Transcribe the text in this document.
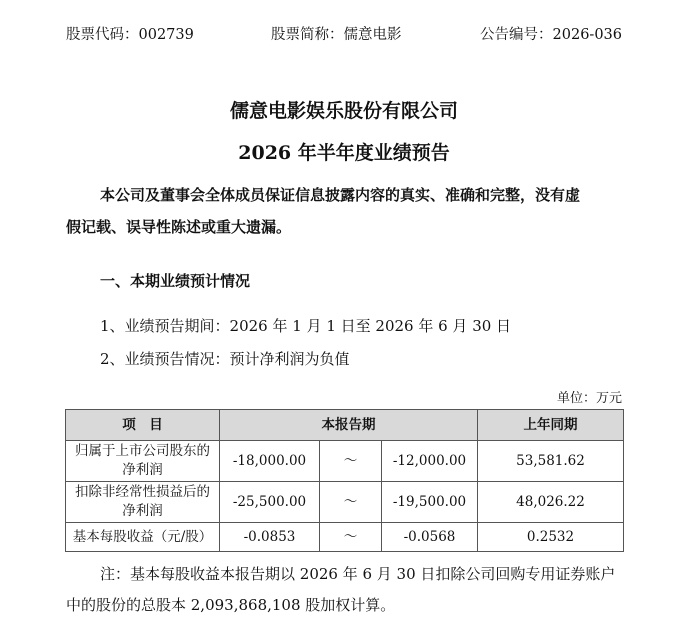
股票代码：002739	股票简称：儒意电影	公告编号：2026-036
儒意电影娱乐股份有限公司
2026 年半年度业绩预告
本公司及董事会全体成员保证信息披露内容的真实、准确和完整，没有虚
假记载、误导性陈述或重大遗漏。
一、本期业绩预计情况
1、业绩预告期间：2026 年 1 月 1 日至 2026 年 6 月 30 日
2、业绩预告情况：预计净利润为负值
单位：万元
项　目	本报告期			上年同期

归属于上市公司股东的
净利润	-18,000.00	～	-12,000.00	53,581.62

扣除非经常性损益后的
净利润	-25,500.00	～	-19,500.00	48,026.22
基本每股收益（元/股）	-0.0853	～	-0.0568	0.2532
注：基本每股收益本报告期以 2026 年 6 月 30 日扣除公司回购专用证券账户
中的股份的总股本 2,093,868,108 股加权计算。
